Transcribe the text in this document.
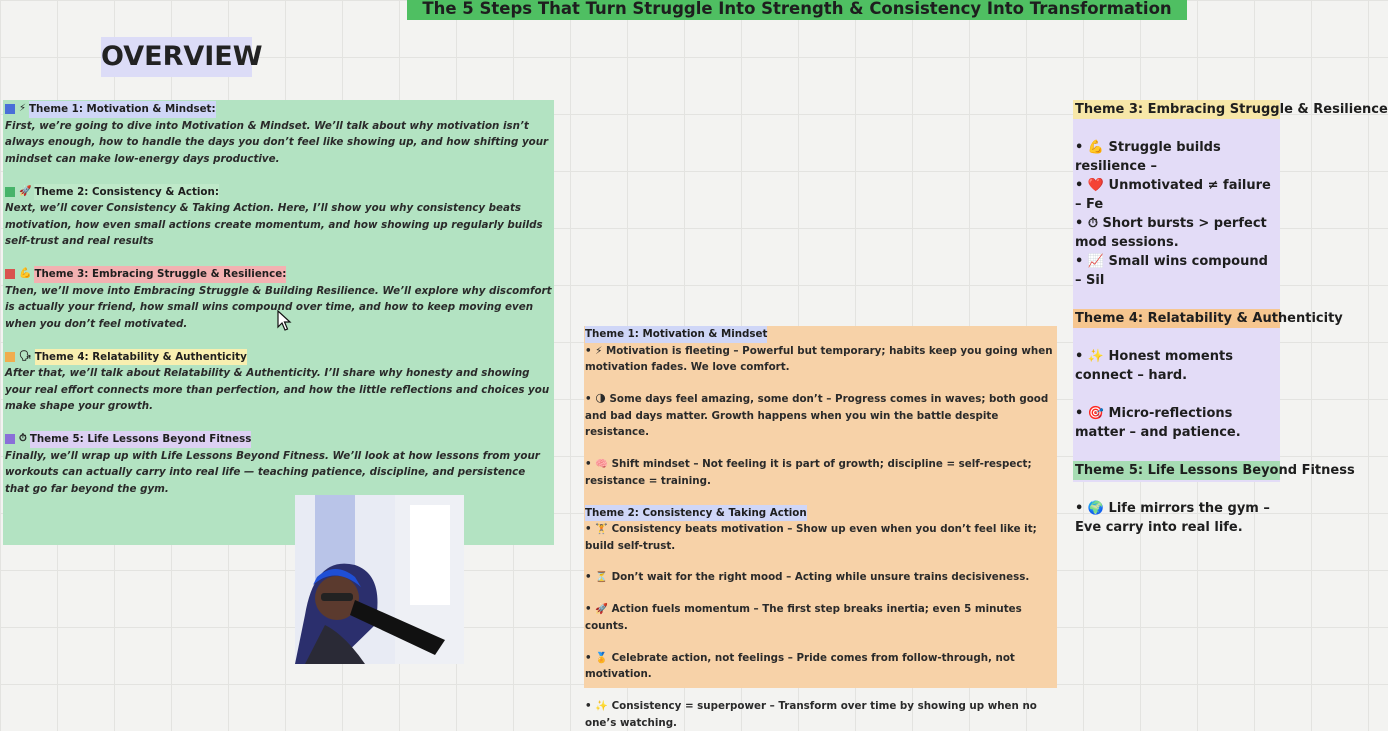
The 5 Steps That Turn Struggle Into Strength & Consistency Into Transformation
OVERVIEW
⚡ Theme 1: Motivation & Mindset:
First, we’re going to dive into Motivation & Mindset. We’ll talk about why motivation isn’t always enough, how to handle the days you don’t feel like showing up, and how shifting your mindset can make low-energy days productive.
🚀 Theme 2: Consistency & Action:
Next, we’ll cover Consistency & Taking Action. Here, I’ll show you why consistency beats motivation, how even small actions create momentum, and how showing up regularly builds self-trust and real results
💪 Theme 3: Embracing Struggle & Resilience:
Then, we’ll move into Embracing Struggle & Building Resilience. We’ll explore why discomfort is actually your friend, how small wins compound over time, and how to keep moving even when you don’t feel motivated.
🗣 Theme 4: Relatability & Authenticity
After that, we’ll talk about Relatability & Authenticity. I’ll share why honesty and showing your real effort connects more than perfection, and how the little reflections and choices you make shape your growth.
⏱ Theme 5: Life Lessons Beyond Fitness
Finally, we’ll wrap up with Life Lessons Beyond Fitness. We’ll look at how lessons from your workouts can actually carry into real life — teaching patience, discipline, and persistence that go far beyond the gym.
Theme 1: Motivation & Mindset
• ⚡ Motivation is fleeting – Powerful but temporary; habits keep you going when motivation fades. We love comfort.
• 🌗 Some days feel amazing, some don’t – Progress comes in waves; both good and bad days matter. Growth happens when you win the battle despite resistance.
• 🧠 Shift mindset – Not feeling it is part of growth; discipline = self-respect; resistance = training.
Theme 2: Consistency & Taking Action
• 🏋 Consistency beats motivation – Show up even when you don’t feel like it; build self-trust.
• ⏳ Don’t wait for the right mood – Acting while unsure trains decisiveness.
• 🚀 Action fuels momentum – The first step breaks inertia; even 5 minutes counts.
• 🏅 Celebrate action, not feelings – Pride comes from follow-through, not motivation.
• ✨ Consistency = superpower – Transform over time by showing up when no one’s watching.
Theme 3: Embracing Struggle & Resilience
• 💪 Struggle builds resilience –
• ❤️ Unmotivated ≠ failure – Fe
• ⏱ Short bursts > perfect mod sessions.
• 📈 Small wins compound – Sil
Theme 4: Relatability & Authenticity
• ✨ Honest moments connect – hard.
• 🎯 Micro-reflections matter – and patience.
Theme 5: Life Lessons Beyond Fitness
• 🌍 Life mirrors the gym – Eve carry into real life.
